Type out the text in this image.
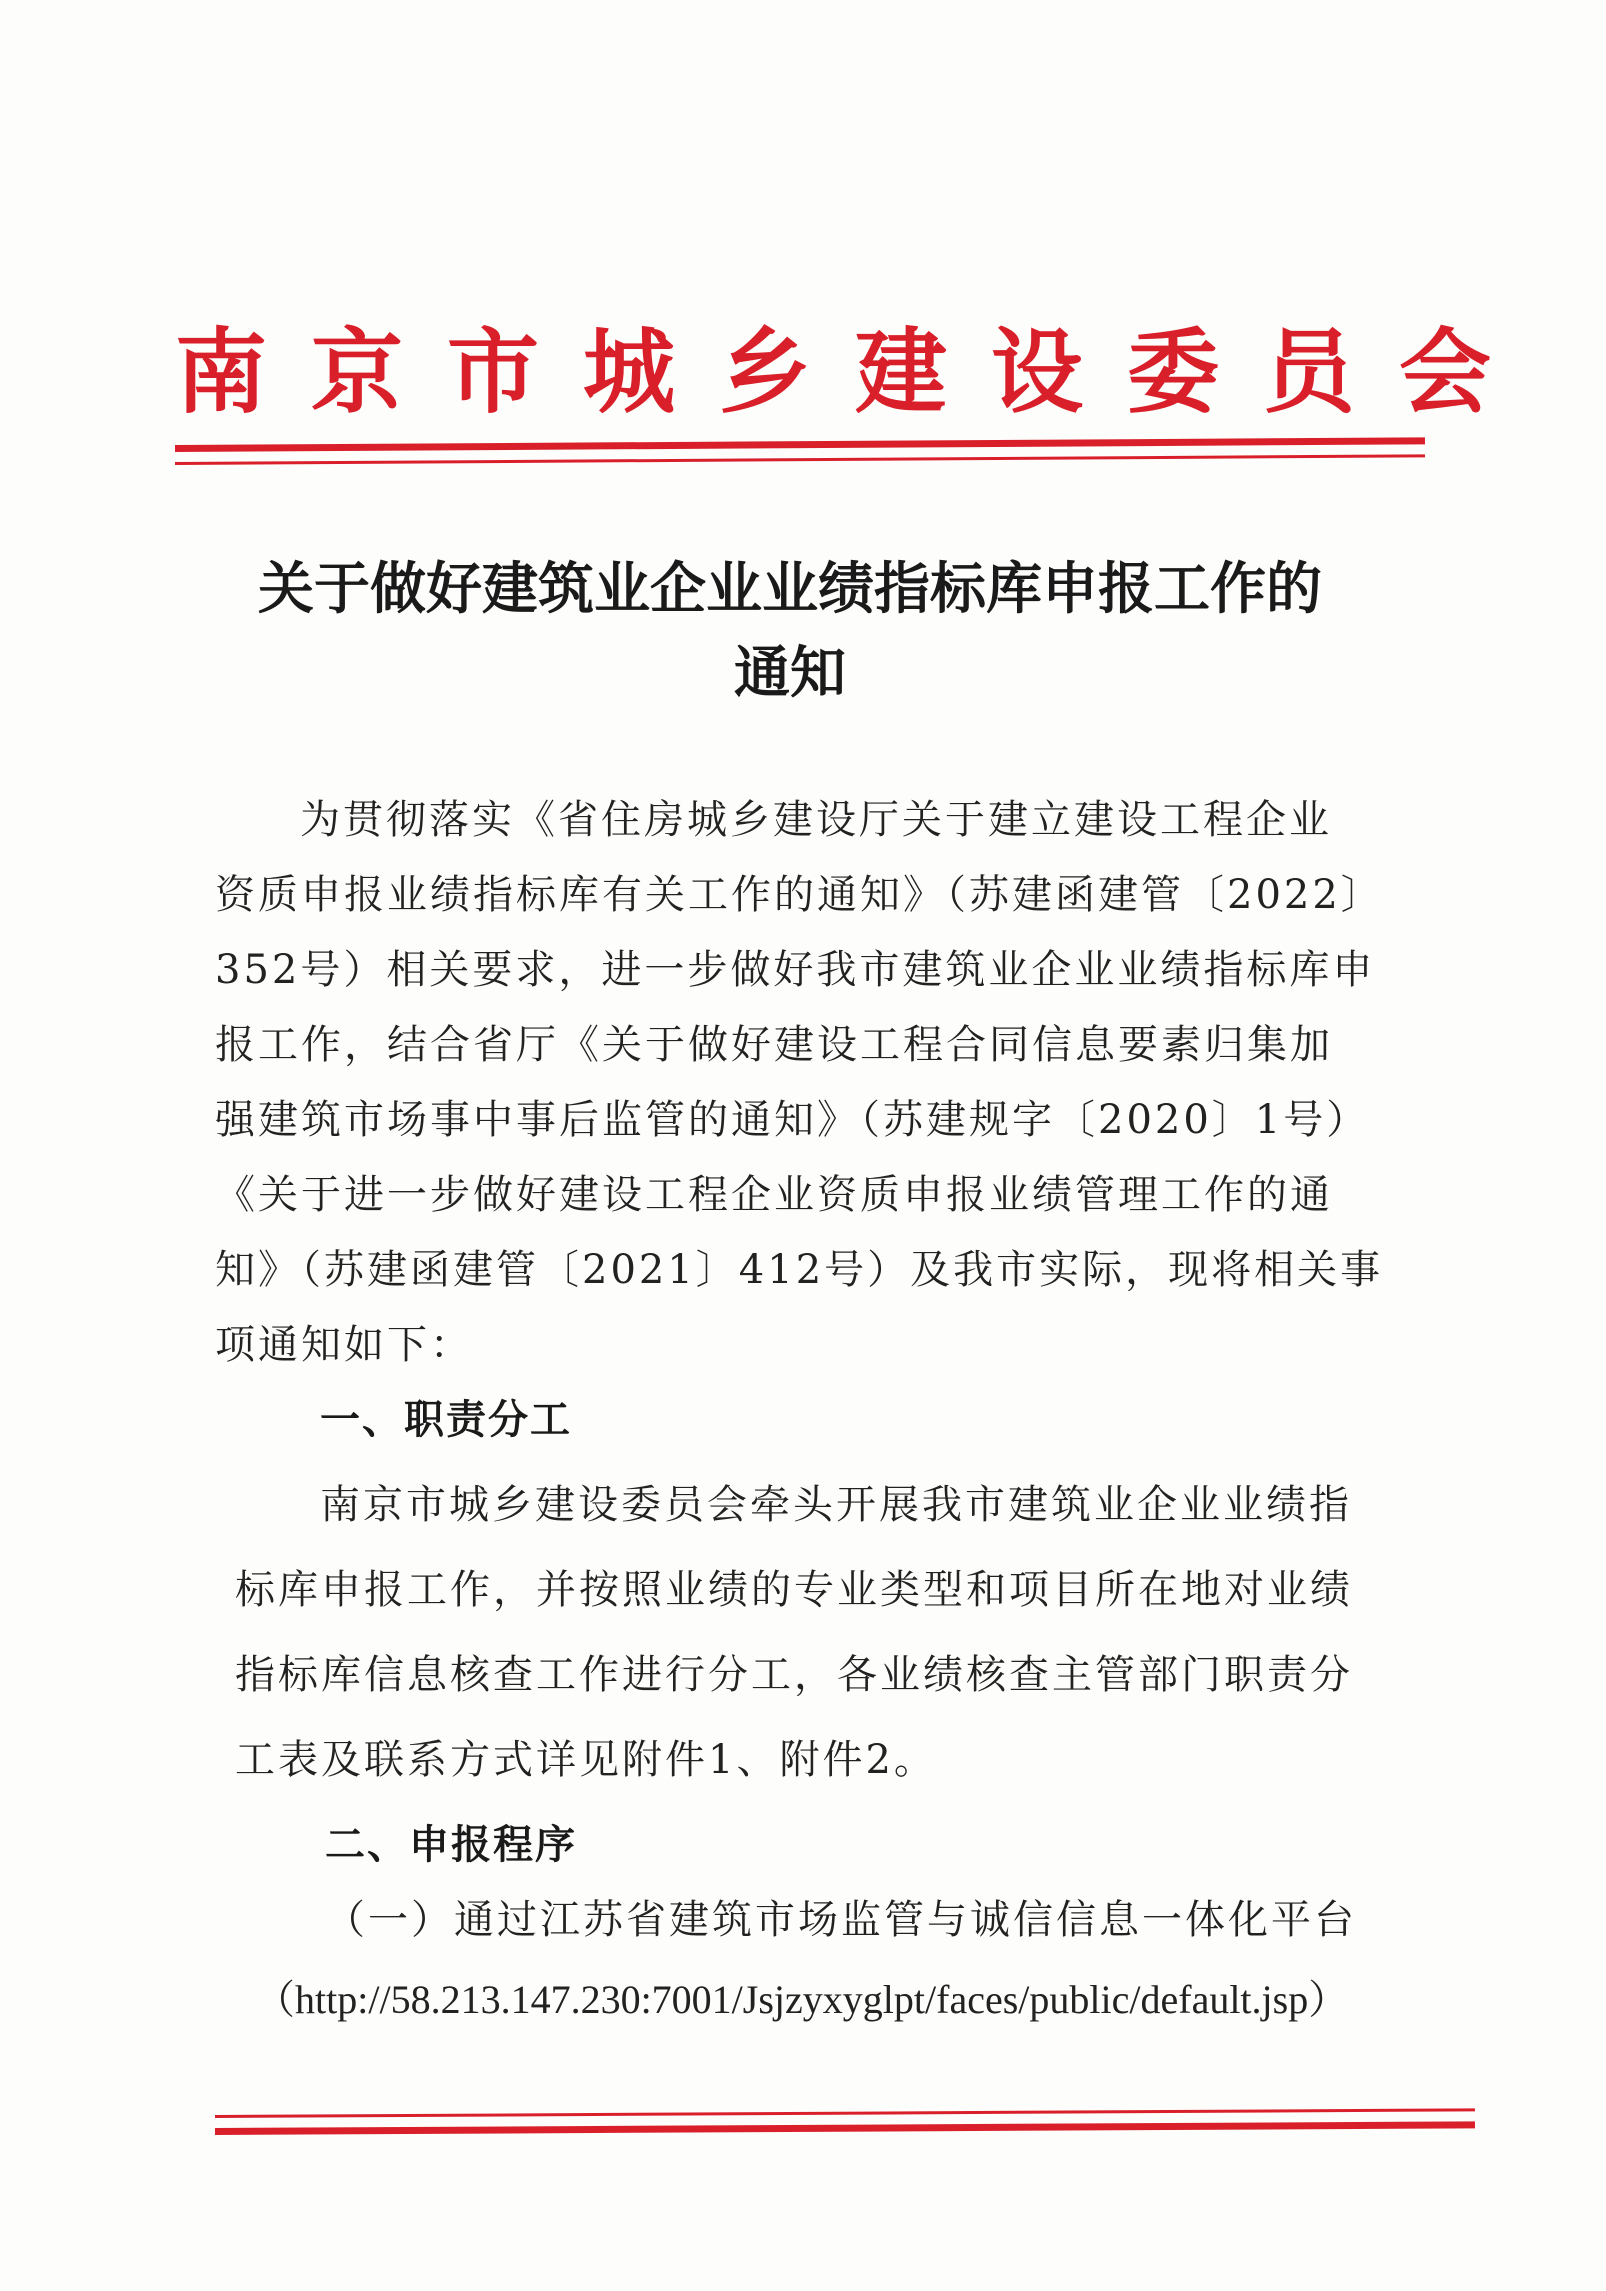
南京市城乡建设委员会
关于做好建筑业企业业绩指标库申报工作的
通知
为贯彻落实《省住房城乡建设厅关于建立建设工程企业
资质申报业绩指标库有关工作的通知》（苏建函建管〔2022〕
352号）相关要求，进一步做好我市建筑业企业业绩指标库申
报工作，结合省厅《关于做好建设工程合同信息要素归集加
强建筑市场事中事后监管的通知》（苏建规字〔2020〕1号）
《关于进一步做好建设工程企业资质申报业绩管理工作的通
知》（苏建函建管〔2021〕412号）及我市实际，现将相关事
项通知如下：
一、职责分工
南京市城乡建设委员会牵头开展我市建筑业企业业绩指
标库申报工作，并按照业绩的专业类型和项目所在地对业绩
指标库信息核查工作进行分工，各业绩核查主管部门职责分
工表及联系方式详见附件1、附件2。
二、申报程序
（一）通过江苏省建筑市场监管与诚信信息一体化平台
（http://58.213.147.230:7001/Jsjzyxyglpt/faces/public/default.jsp）
